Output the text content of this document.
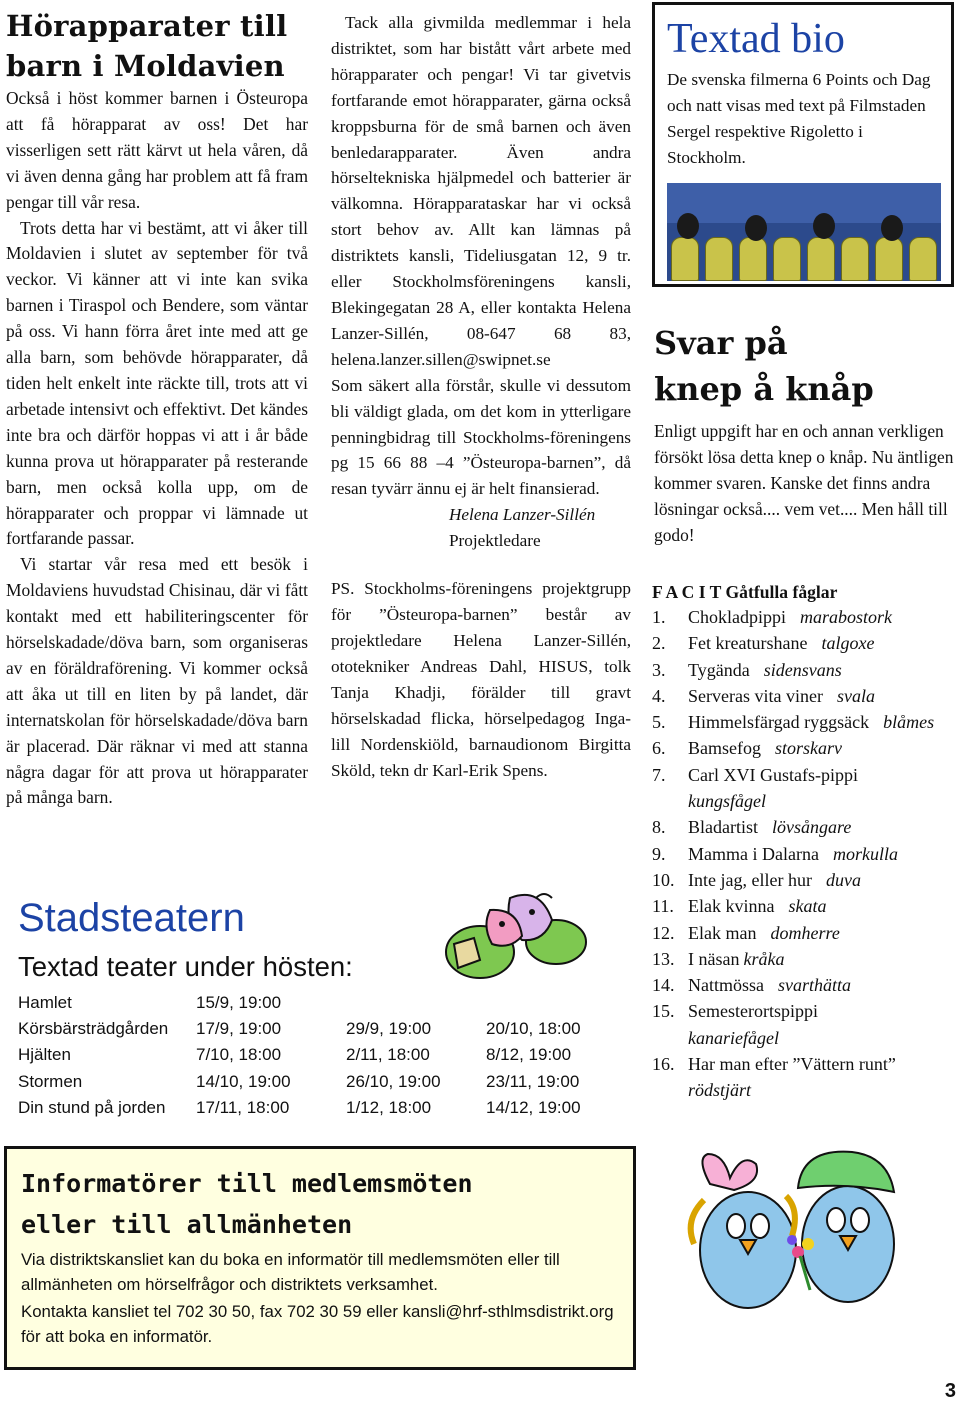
Hörapparater till barn i Moldavien

Också i höst kommer barnen i Östeuropa att få hörapparat av oss! Det har visserligen sett rätt kärvt ut hela våren, då vi även denna gång har problem att få fram pengar till vår resa.

Trots detta har vi bestämt, att vi åker till Moldavien i slutet av september för två veckor. Vi känner att vi inte kan svika barnen i Tiraspol och Bendere, som väntar på oss. Vi hann förra året inte med att ge alla barn, som behövde hörapparater, då tiden helt enkelt inte räckte till, trots att vi arbetade intensivt och effektivt. Det kändes inte bra och därför hoppas vi att i år både kunna prova ut hörapparater på resterande barn, men också kolla upp, om de hörapparater och proppar vi lämnade ut fortfarande passar.

Vi startar vår resa med ett besök i Moldaviens huvudstad Chisinau, där vi fått kontakt med ett habiliteringscenter för hörselskadade/döva barn, som organiseras av en föräldraförening. Vi kommer också att åka ut till en liten by på landet, där internatskolan för hörselskadade/döva barn är placerad. Där räknar vi med att stanna några dagar för att prova ut hörapparater på många barn.

Tack alla givmilda medlemmar i hela distriktet, som har bistått vårt arbete med hörapparater och pengar! Vi tar givetvis fortfarande emot hörapparater, gärna också kroppsburna för de små barnen och även benledarapparater. Även andra hörseltekniska hjälpmedel och batterier är välkomna. Hörapparataskar har vi också stort behov av. Allt kan lämnas på distriktets kansli, Tideliusgatan 12, 9 tr. eller Stockholmsföreningens kansli, Blekingegatan 28 A, eller kontakta Helena Lanzer-Sillén, 08-647 68 83, helena.lanzer.sillen@swipnet.se

Som säkert alla förstår, skulle vi dessutom bli väldigt glada, om det kom in ytterligare penningbidrag till Stockholms-föreningens pg 15 66 88 –4 ”Östeuropa-barnen”, då resan tyvärr ännu ej är helt finansierad.

Helena Lanzer-Sillén
Projektledare

PS. Stockholms-föreningens projektgrupp för ”Östeuropa-barnen” består av projektledare Helena Lanzer-Sillén, ototekniker Andreas Dahl, HISUS, tolk Tanja Khadji, förälder till gravt hörselskadad flicka, hörselpedagog Inga-lill Nordenskiöld, barnaudionom Birgitta Sköld, tekn dr Karl-Erik Spens.

Textad bio
De svenska filmerna 6 Points och Dag och natt visas med text på Filmstaden Sergel respektive Rigoletto i Stockholm.
Svar på
knep å knåp

Enligt uppgift har en och annan verkligen försökt lösa detta knep o knåp. Nu äntligen kommer svaren. Kanske det finns andra lösningar också.... vem vet.... Men håll till godo!

F A C I T Gåtfulla fåglar
1.	Chokladpippi marabostork
2.	Fet kreaturshane talgoxe
3.	Tygända sidensvans
4.	Serveras vita viner svala
5.	Himmelsfärgad ryggsäck blåmes
6.	Bamsefog storskarv
7.	Carl XVI Gustafs-pippi
kungsfågel
8.	Bladartist lövsångare
9.	Mamma i Dalarna morkulla
10. Inte jag, eller hur duva
11. Elak kvinna skata
12. Elak man domherre
13. I näsan kråka
14. Nattmössa svarthätta
15. Semesterortspippi
kanariefågel
16. Har man efter ”Vättern runt”
rödstjärt
Stadsteatern
Textad teater under hösten:
Hamlet	15/9, 19:00		
Körsbärsträdgården	17/9, 19:00	29/9, 19:00	20/10, 18:00
Hjälten	7/10, 18:00	2/11, 18:00	8/12, 19:00
Stormen	14/10, 19:00	26/10, 19:00	23/11, 19:00
Din stund på jorden	17/11, 18:00	1/12, 18:00	14/12, 19:00
Informatörer till medlemsmöten
eller till allmänheten

Via distriktskansliet kan du boka en informatör till medlemsmöten eller till allmänheten om hörselfrågor och distriktets verksamhet.

Kontakta kansliet tel 702 30 50, fax 702 30 59 eller kansli@hrf-sthlmsdistrikt.org för att boka en informatör.

3
